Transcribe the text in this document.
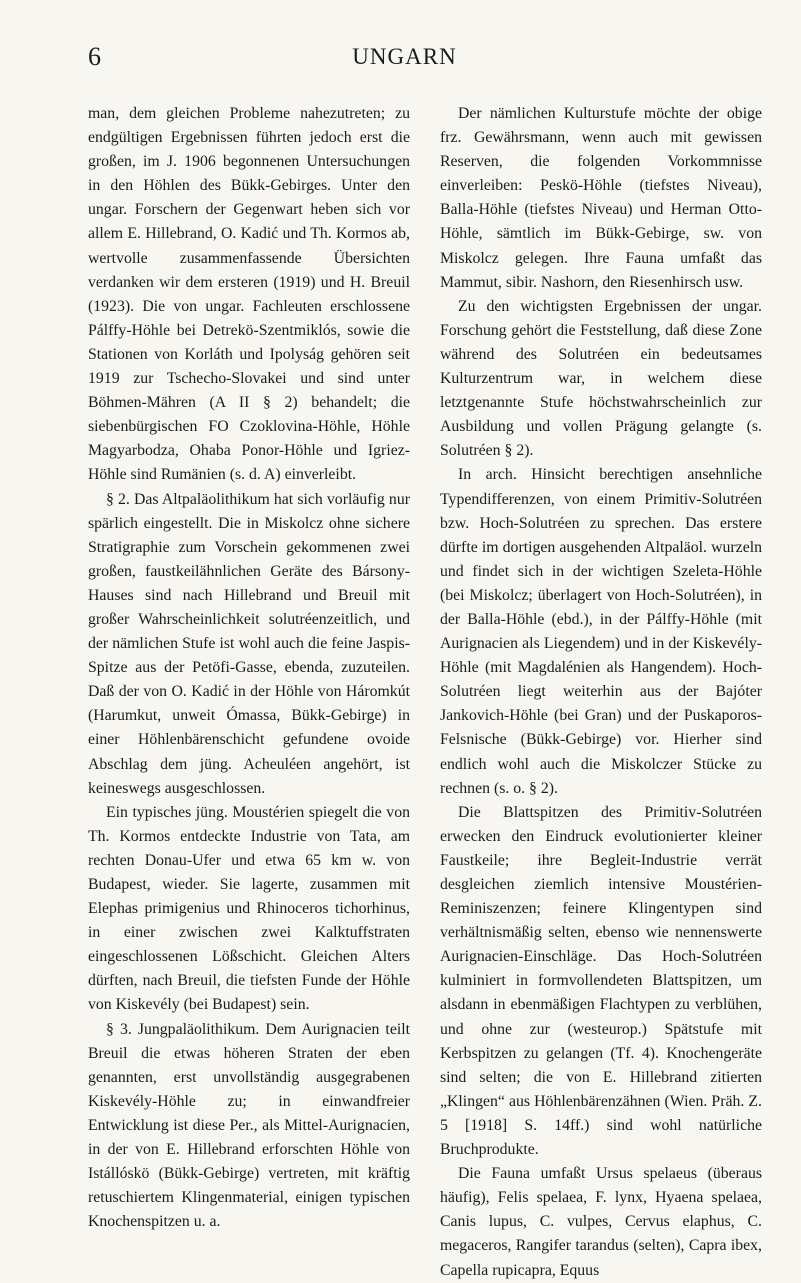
6	UNGARN

man, dem gleichen Probleme nahezutreten; zu endgültigen Ergebnissen führten jedoch erst die großen, im J. 1906 begonnenen Untersuchungen in den Höhlen des Bükk-Gebirges. Unter den ungar. Forschern der Gegenwart heben sich vor allem E. Hillebrand, O. Kadić und Th. Kormos ab, wertvolle zusammenfassende Übersichten verdanken wir dem ersteren (1919) und H. Breuil (1923). Die von ungar. Fachleuten erschlossene Pálffy-Höhle bei Detrekö-Szentmiklós, sowie die Stationen von Korláth und Ipolyság gehören seit 1919 zur Tschecho-Slovakei und sind unter Böhmen-Mähren (A II § 2) behandelt; die siebenbürgischen FO Czoklovina-Höhle, Höhle Magyarbodza, Ohaba Ponor-Höhle und Igriez-Höhle sind Rumänien (s. d. A) einverleibt.

§ 2. Das Altpaläolithikum hat sich vorläufig nur spärlich eingestellt. Die in Miskolcz ohne sichere Stratigraphie zum Vorschein gekommenen zwei großen, faustkeilähnlichen Geräte des Bársony-Hauses sind nach Hillebrand und Breuil mit großer Wahrscheinlichkeit solutréenzeitlich, und der nämlichen Stufe ist wohl auch die feine Jaspis-Spitze aus der Petöfi-Gasse, ebenda, zuzuteilen. Daß der von O. Kadić in der Höhle von Háromkút (Harumkut, unweit Ómassa, Bükk-Gebirge) in einer Höhlenbärenschicht gefundene ovoide Abschlag dem jüng. Acheuléen angehört, ist keineswegs ausgeschlossen.

Ein typisches jüng. Moustérien spiegelt die von Th. Kormos entdeckte Industrie von Tata, am rechten Donau-Ufer und etwa 65 km w. von Budapest, wieder. Sie lagerte, zusammen mit Elephas primigenius und Rhinoceros tichorhinus, in einer zwischen zwei Kalktuffstraten eingeschlossenen Lößschicht. Gleichen Alters dürften, nach Breuil, die tiefsten Funde der Höhle von Kiskevély (bei Budapest) sein.

§ 3. Jungpaläolithikum. Dem Aurignacien teilt Breuil die etwas höheren Straten der eben genannten, erst unvollständig ausgegrabenen Kiskevély-Höhle zu; in einwandfreier Entwicklung ist diese Per., als Mittel-Aurignacien, in der von E. Hillebrand erforschten Höhle von Istállóskö (Bükk-Gebirge) vertreten, mit kräftig retuschiertem Klingenmaterial, einigen typischen Knochenspitzen u. a.

Der nämlichen Kulturstufe möchte der obige frz. Gewährsmann, wenn auch mit gewissen Reserven, die folgenden Vorkommnisse einverleiben: Peskö-Höhle (tiefstes Niveau), Balla-Höhle (tiefstes Niveau) und Herman Otto-Höhle, sämtlich im Bükk-Gebirge, sw. von Miskolcz gelegen. Ihre Fauna umfaßt das Mammut, sibir. Nashorn, den Riesenhirsch usw.

Zu den wichtigsten Ergebnissen der ungar. Forschung gehört die Feststellung, daß diese Zone während des Solutréen ein bedeutsames Kulturzentrum war, in welchem diese letztgenannte Stufe höchstwahrscheinlich zur Ausbildung und vollen Prägung gelangte (s. Solutréen § 2).

In arch. Hinsicht berechtigen ansehnliche Typendifferenzen, von einem Primitiv-Solutréen bzw. Hoch-Solutréen zu sprechen. Das erstere dürfte im dortigen ausgehenden Altpaläol. wurzeln und findet sich in der wichtigen Szeleta-Höhle (bei Miskolcz; überlagert von Hoch-Solutréen), in der Balla-Höhle (ebd.), in der Pálffy-Höhle (mit Aurignacien als Liegendem) und in der Kiskevély-Höhle (mit Magdalénien als Hangendem). Hoch-Solutréen liegt weiterhin aus der Bajóter Jankovich-Höhle (bei Gran) und der Puskaporos-Felsnische (Bükk-Gebirge) vor. Hierher sind endlich wohl auch die Miskolczer Stücke zu rechnen (s. o. § 2).

Die Blattspitzen des Primitiv-Solutréen erwecken den Eindruck evolutionierter kleiner Faustkeile; ihre Begleit-Industrie verrät desgleichen ziemlich intensive Moustérien-Reminiszenzen; feinere Klingentypen sind verhältnismäßig selten, ebenso wie nennenswerte Aurignacien-Einschläge. Das Hoch-Solutréen kulminiert in formvollendeten Blattspitzen, um alsdann in ebenmäßigen Flachtypen zu verblühen, und ohne zur (westeurop.) Spätstufe mit Kerbspitzen zu gelangen (Tf. 4). Knochengeräte sind selten; die von E. Hillebrand zitierten „Klingen“ aus Höhlenbärenzähnen (Wien. Präh. Z. 5 [1918] S. 14ff.) sind wohl natürliche Bruchprodukte.

Die Fauna umfaßt Ursus spelaeus (überaus häufig), Felis spelaea, F. lynx, Hyaena spelaea, Canis lupus, C. vulpes, Cervus elaphus, C. megaceros, Rangifer tarandus (selten), Capra ibex, Capella rupicapra, Equus
